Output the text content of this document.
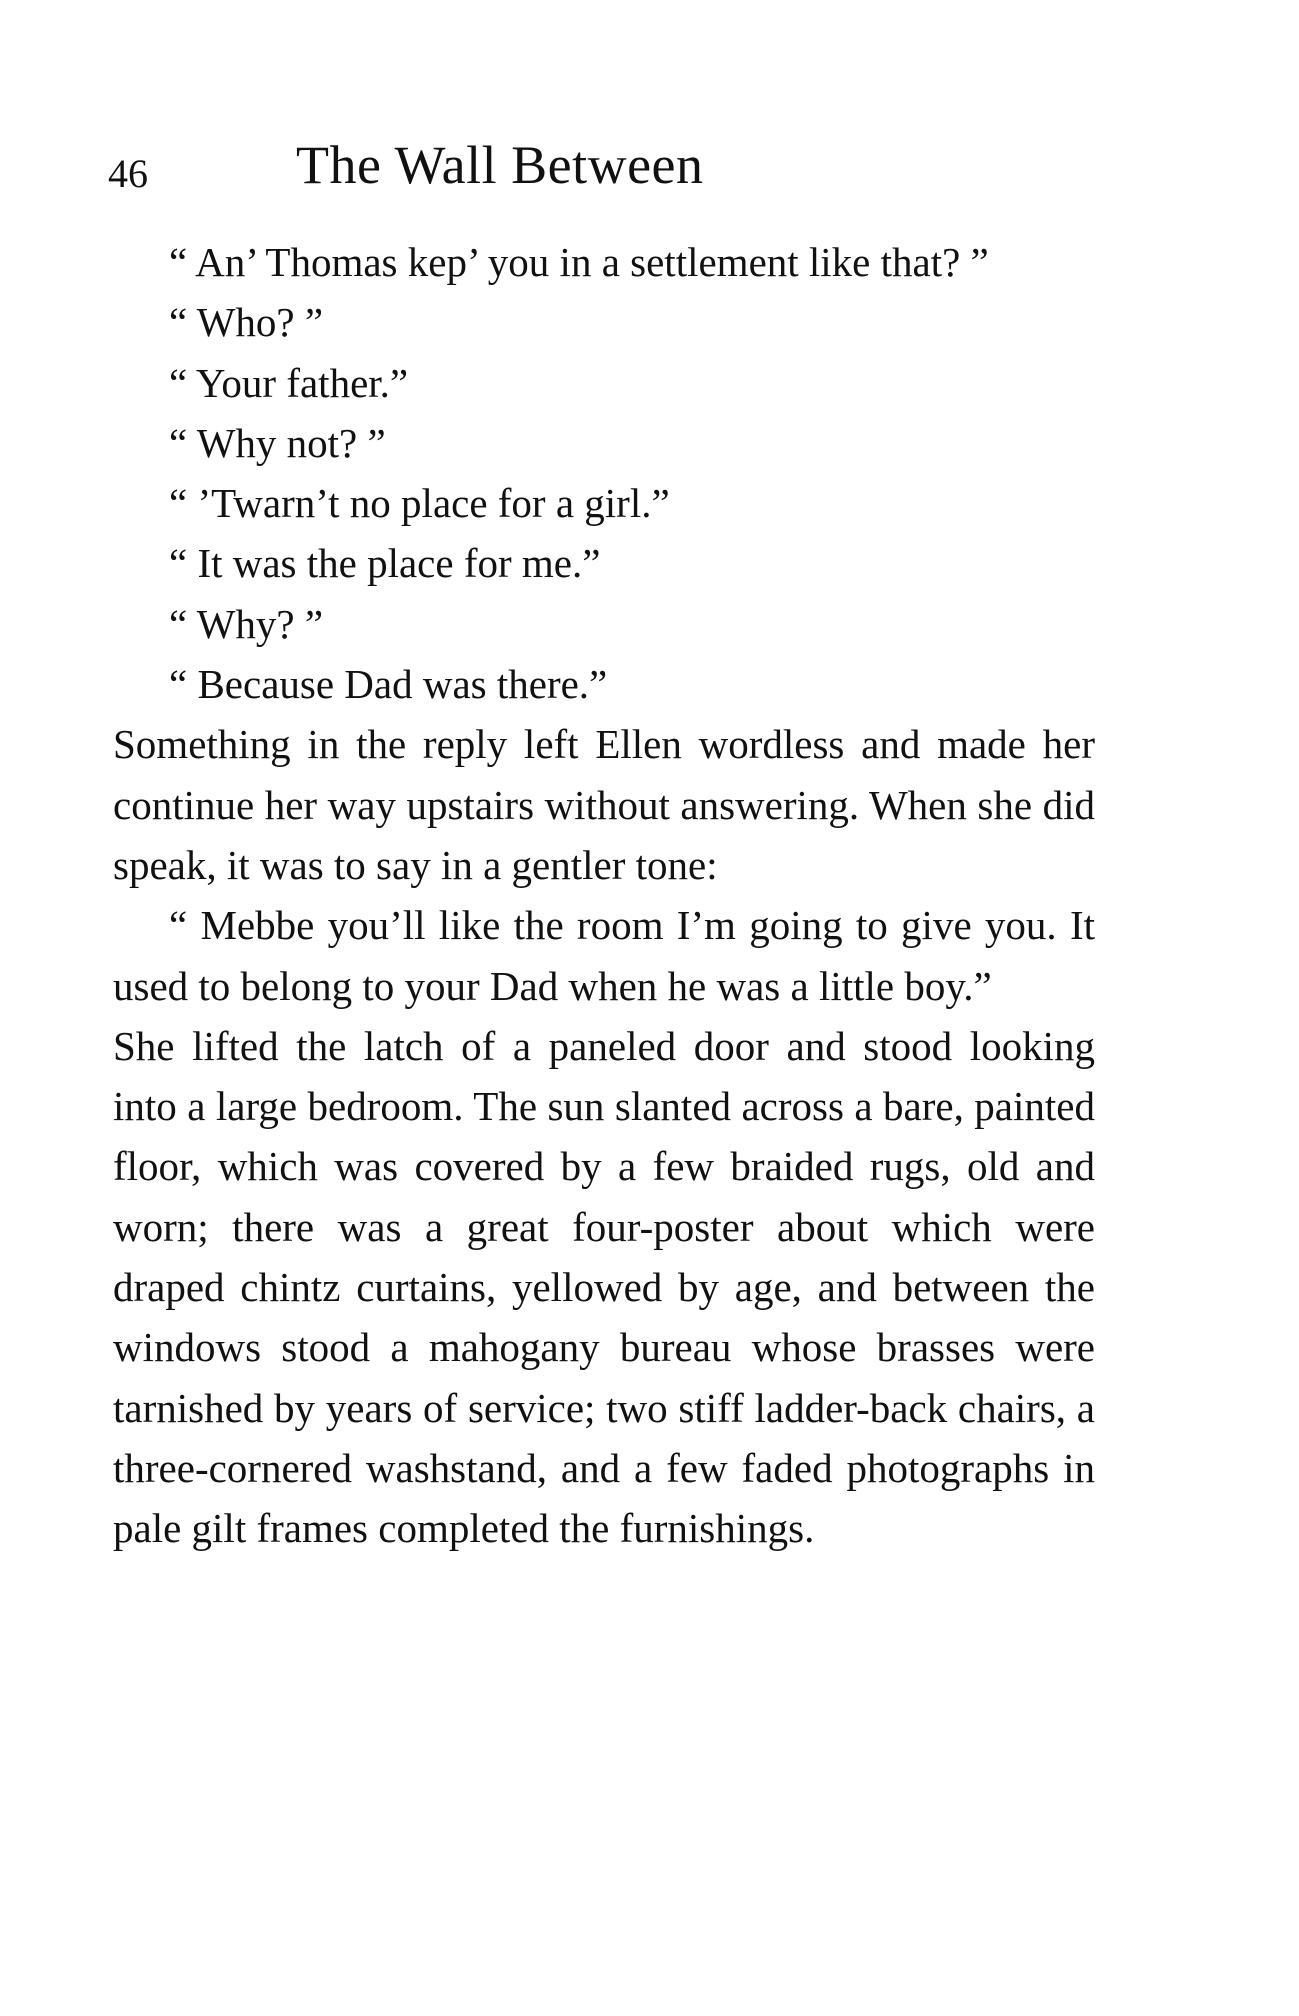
46	The Wall Between

“ An’ Thomas kep’ you in a settlement like that? ”

“ Who? ”

“ Your father.”

“ Why not? ”

“ ’Twarn’t no place for a girl.”

“ It was the place for me.”

“ Why? ”

“ Because Dad was there.”

Something in the reply left Ellen wordless and made her continue her way upstairs without answering. When she did speak, it was to say in a gentler tone:

“ Mebbe you’ll like the room I’m going to give you. It used to belong to your Dad when he was a little boy.”

She lifted the latch of a paneled door and stood looking into a large bedroom. The sun slanted across a bare, painted floor, which was covered by a few braided rugs, old and worn; there was a great four-poster about which were draped chintz curtains, yellowed by age, and between the windows stood a mahogany bureau whose brasses were tarnished by years of service; two stiff ladder-back chairs, a three-cornered washstand, and a few faded photographs in pale gilt frames completed the furnishings.
